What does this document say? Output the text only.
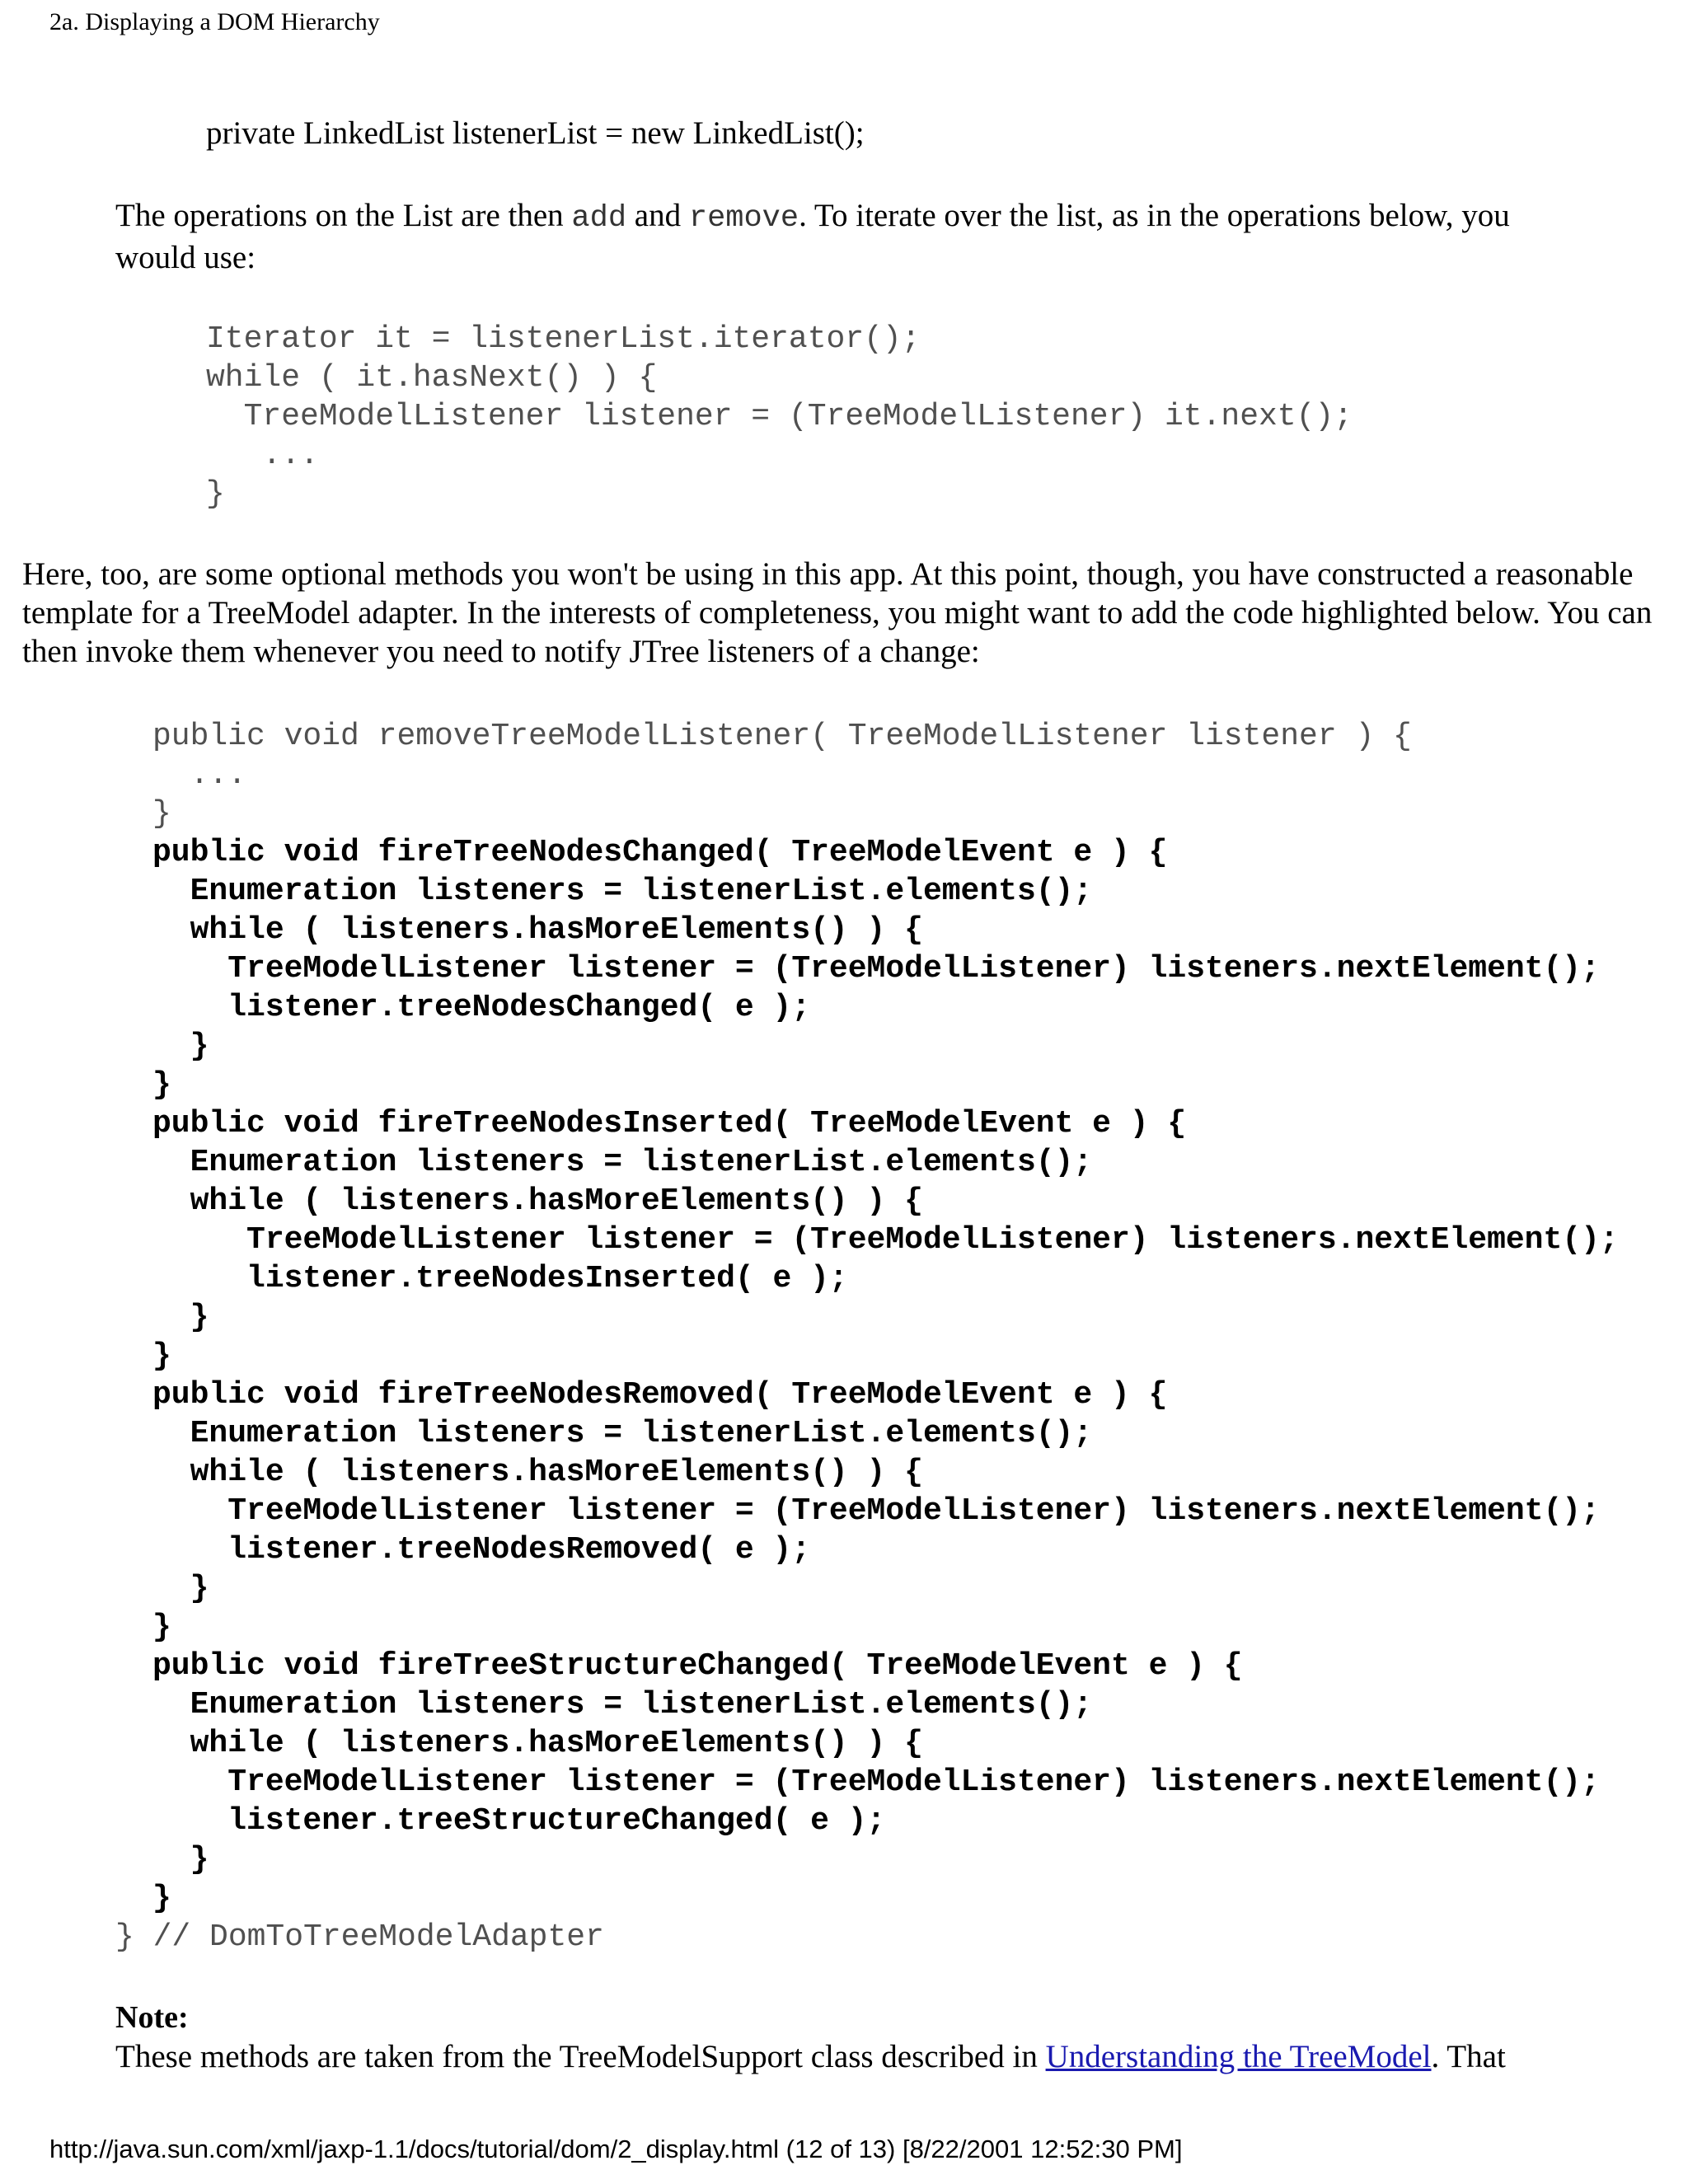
2a. Displaying a DOM Hierarchy
private LinkedList listenerList = new LinkedList();

The operations on the List are then add and remove. To iterate over the list, as in the operations below, you would use:

Iterator it = listenerList.iterator();
while ( it.hasNext() ) {
TreeModelListener listener = (TreeModelListener) it.next();
...
}

Here, too, are some optional methods you won't be using in this app. At this point, though, you have constructed a reasonable template for a TreeModel adapter. In the interests of completeness, you might want to add the code highlighted below. You can then invoke them whenever you need to notify JTree listeners of a change:

public void removeTreeModelListener( TreeModelListener listener ) {
...
}
public void fireTreeNodesChanged( TreeModelEvent e ) {
Enumeration listeners = listenerList.elements();
while ( listeners.hasMoreElements() ) {
TreeModelListener listener = (TreeModelListener) listeners.nextElement();
listener.treeNodesChanged( e );
}
}
public void fireTreeNodesInserted( TreeModelEvent e ) {
Enumeration listeners = listenerList.elements();
while ( listeners.hasMoreElements() ) {
TreeModelListener listener = (TreeModelListener) listeners.nextElement();
listener.treeNodesInserted( e );
}
}
public void fireTreeNodesRemoved( TreeModelEvent e ) {
Enumeration listeners = listenerList.elements();
while ( listeners.hasMoreElements() ) {
TreeModelListener listener = (TreeModelListener) listeners.nextElement();
listener.treeNodesRemoved( e );
}
}
public void fireTreeStructureChanged( TreeModelEvent e ) {
Enumeration listeners = listenerList.elements();
while ( listeners.hasMoreElements() ) {
TreeModelListener listener = (TreeModelListener) listeners.nextElement();
listener.treeStructureChanged( e );
}
}
} // DomToTreeModelAdapter
Note:

These methods are taken from the TreeModelSupport class described in Understanding the TreeModel. That

http://java.sun.com/xml/jaxp-1.1/docs/tutorial/dom/2_display.html (12 of 13) [8/22/2001 12:52:30 PM]
